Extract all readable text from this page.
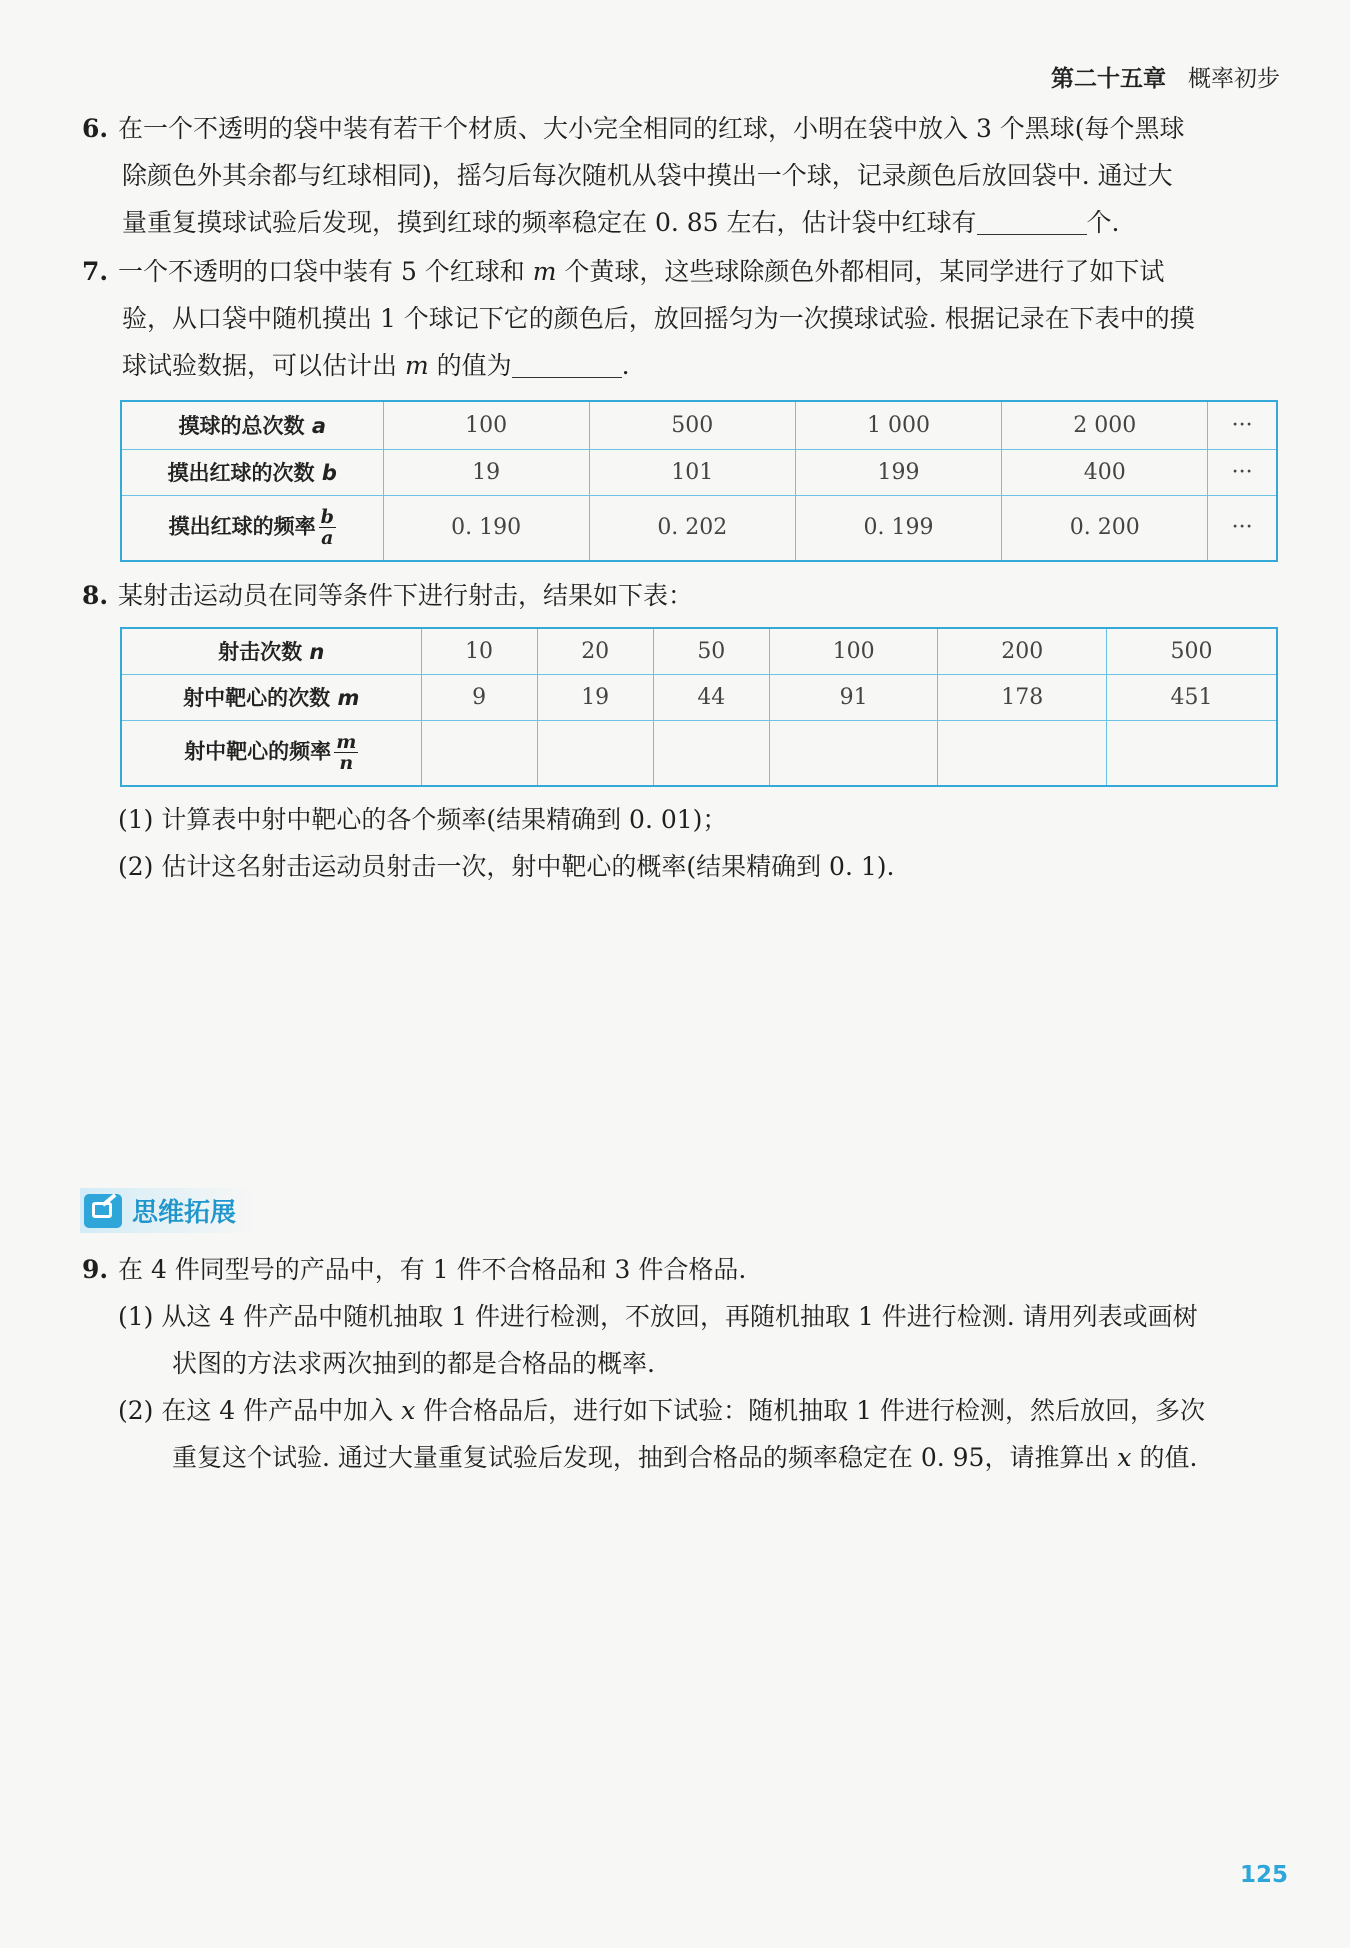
第二十五章 概率初步
6. 在一个不透明的袋中装有若干个材质、大小完全相同的红球，小明在袋中放入 3 个黑球(每个黑球
除颜色外其余都与红球相同)，摇匀后每次随机从袋中摸出一个球，记录颜色后放回袋中. 通过大
量重复摸球试验后发现，摸到红球的频率稳定在 0. 85 左右，估计袋中红球有	个.
7. 一个不透明的口袋中装有 5 个红球和 m 个黄球，这些球除颜色外都相同，某同学进行了如下试
验，从口袋中随机摸出 1 个球记下它的颜色后，放回摇匀为一次摸球试验. 根据记录在下表中的摸
球试验数据，可以估计出 m 的值为	.
摸球的总次数 a	100	500	1 000	2 000	···
摸出红球的次数 b	19	101	199	400	···
摸出红球的频率 $\frac{b}{a}$	0. 190	0. 202	0. 199	0. 200	···
8. 某射击运动员在同等条件下进行射击，结果如下表：
射击次数 n	10	20	50	100	200	500
射中靶心的次数 m	9	19	44	91	178	451
射中靶心的频率 $\frac{m}{n}$

(1) 计算表中射中靶心的各个频率(结果精确到 0. 01)；
(2) 估计这名射击运动员射击一次，射中靶心的概率(结果精确到 0. 1).
思维拓展
9. 在 4 件同型号的产品中，有 1 件不合格品和 3 件合格品.
(1) 从这 4 件产品中随机抽取 1 件进行检测，不放回，再随机抽取 1 件进行检测. 请用列表或画树
状图的方法求两次抽到的都是合格品的概率.
(2) 在这 4 件产品中加入 x 件合格品后，进行如下试验：随机抽取 1 件进行检测，然后放回，多次
重复这个试验. 通过大量重复试验后发现，抽到合格品的频率稳定在 0. 95，请推算出 x 的值.
125
